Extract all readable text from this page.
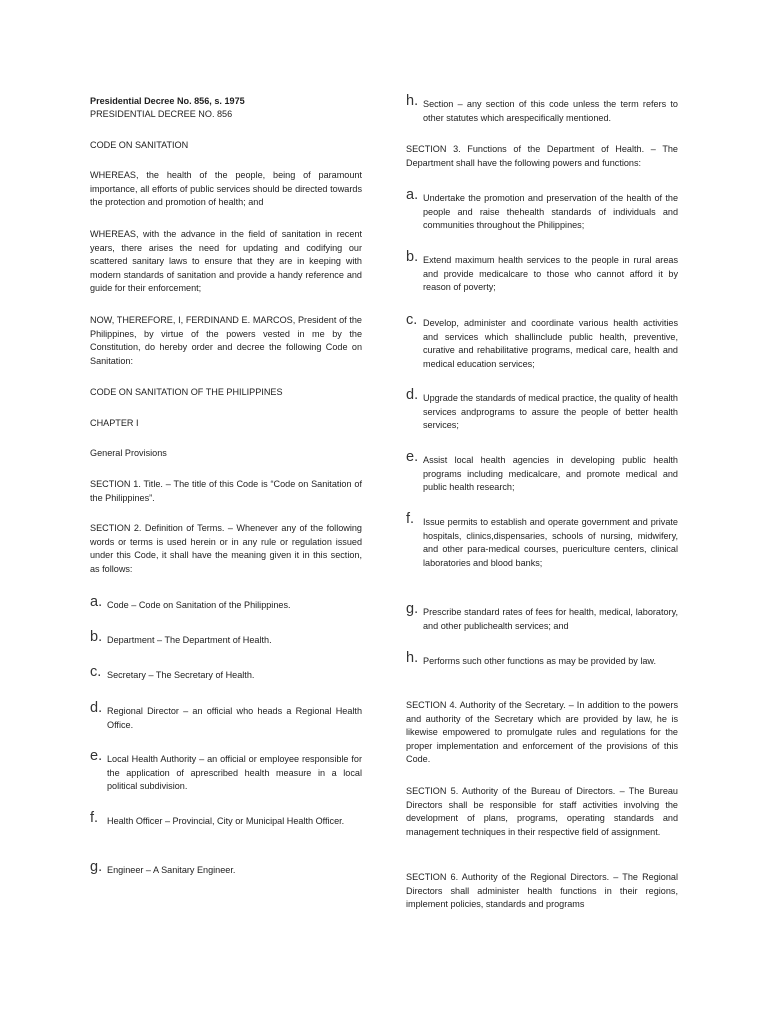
Presidential Decree No. 856, s. 1975

PRESIDENTIAL DECREE NO. 856

CODE ON SANITATION

WHEREAS, the health of the people, being of paramount importance, all efforts of public services should be directed towards the protection and promotion of health; and

WHEREAS, with the advance in the field of sanitation in recent years, there arises the need for updating and codifying our scattered sanitary laws to ensure that they are in keeping with modern standards of sanitation and provide a handy reference and guide for their enforcement;

NOW, THEREFORE, I, FERDINAND E. MARCOS, President of the Philippines, by virtue of the powers vested in me by the Constitution, do hereby order and decree the following Code on Sanitation:

CODE ON SANITATION OF THE PHILIPPINES

CHAPTER I

General Provisions

SECTION 1. Title. – The title of this Code is “Code on Sanitation of the Philippines”.

SECTION 2. Definition of Terms. – Whenever any of the following words or terms is used herein or in any rule or regulation issued under this Code, it shall have the meaning given it in this section, as follows:

a. Code – Code on Sanitation of the Philippines.

b. Department – The Department of Health.

c. Secretary – The Secretary of Health.

d. Regional Director – an official who heads a Regional Health Office.

e. Local Health Authority – an official or employee responsible for the application of aprescribed health measure in a local political subdivision.

f. Health Officer – Provincial, City or Municipal Health Officer.

g. Engineer – A Sanitary Engineer.

h. Section – any section of this code unless the term refers to other statutes which arespecifically mentioned.

SECTION 3. Functions of the Department of Health. – The Department shall have the following powers and functions:

a. Undertake the promotion and preservation of the health of the people and raise thehealth standards of individuals and communities throughout the Philippines;

b. Extend maximum health services to the people in rural areas and provide medicalcare to those who cannot afford it by reason of poverty;

c. Develop, administer and coordinate various health activities and services which shallinclude public health, preventive, curative and rehabilitative programs, medical care, health and medical education services;

d. Upgrade the standards of medical practice, the quality of health services andprograms to assure the people of better health services;

e. Assist local health agencies in developing public health programs including medicalcare, and promote medical and public health research;

f. Issue permits to establish and operate government and private hospitals, clinics,dispensaries, schools of nursing, midwifery, and other para-medical courses, puericulture centers, clinical laboratories and blood banks;

g. Prescribe standard rates of fees for health, medical, laboratory, and other publichealth services; and

h. Performs such other functions as may be provided by law.

SECTION 4. Authority of the Secretary. – In addition to the powers and authority of the Secretary which are provided by law, he is likewise empowered to promulgate rules and regulations for the proper implementation and enforcement of the provisions of this Code.

SECTION 5. Authority of the Bureau of Directors. – The Bureau Directors shall be responsible for staff activities involving the development of plans, programs, operating standards and management techniques in their respective field of assignment.

SECTION 6. Authority of the Regional Directors. – The Regional Directors shall administer health functions in their regions, implement policies, standards and programs
